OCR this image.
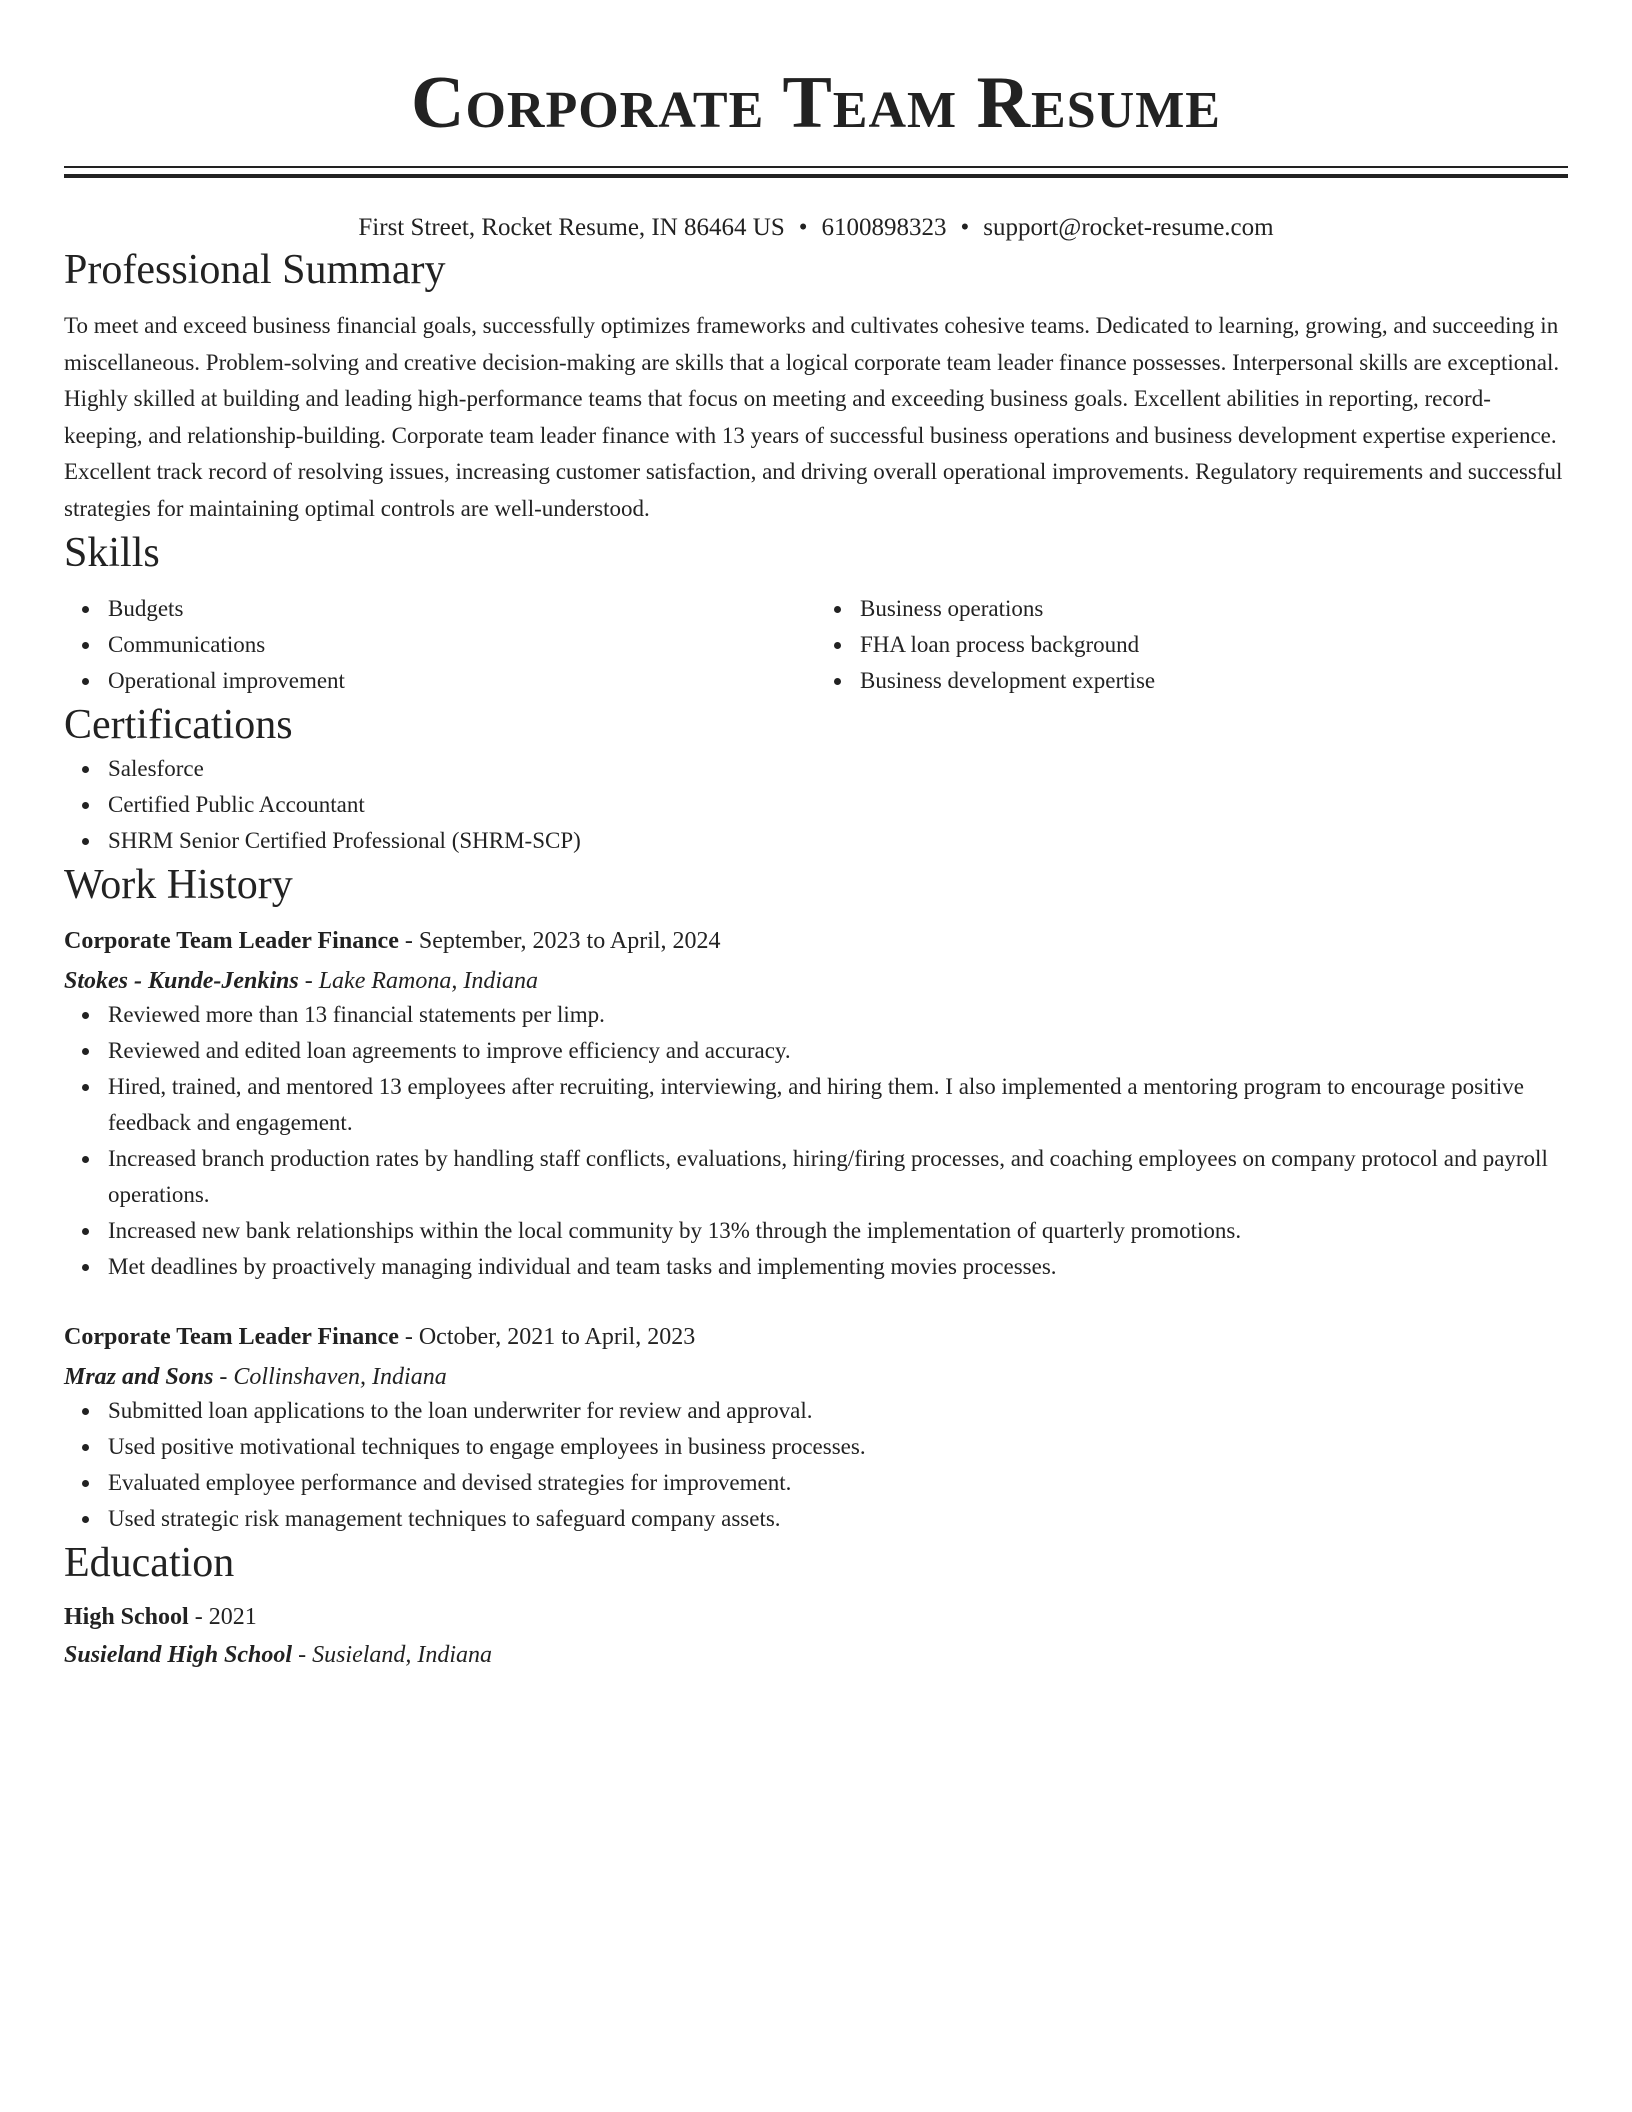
Corporate Team Resume
First Street, Rocket Resume, IN 86464 US • 6100898323 • support@rocket-resume.com
Professional Summary
To meet and exceed business financial goals, successfully optimizes frameworks and cultivates cohesive teams. Dedicated to learning, growing, and succeeding in miscellaneous. Problem-solving and creative decision-making are skills that a logical corporate team leader finance possesses. Interpersonal skills are exceptional. Highly skilled at building and leading high-performance teams that focus on meeting and exceeding business goals. Excellent abilities in reporting, record-keeping, and relationship-building. Corporate team leader finance with 13 years of successful business operations and business development expertise experience. Excellent track record of resolving issues, increasing customer satisfaction, and driving overall operational improvements. Regulatory requirements and successful strategies for maintaining optimal controls are well-understood.
Skills
Budgets
Communications
Operational improvement
Business operations
FHA loan process background
Business development expertise
Certifications
Salesforce
Certified Public Accountant
SHRM Senior Certified Professional (SHRM-SCP)
Work History
Corporate Team Leader Finance - September, 2023 to April, 2024
Stokes - Kunde-Jenkins - Lake Ramona, Indiana
Reviewed more than 13 financial statements per limp.
Reviewed and edited loan agreements to improve efficiency and accuracy.
Hired, trained, and mentored 13 employees after recruiting, interviewing, and hiring them. I also implemented a mentoring program to encourage positive feedback and engagement.
Increased branch production rates by handling staff conflicts, evaluations, hiring/firing processes, and coaching employees on company protocol and payroll operations.
Increased new bank relationships within the local community by 13% through the implementation of quarterly promotions.
Met deadlines by proactively managing individual and team tasks and implementing movies processes.
Corporate Team Leader Finance - October, 2021 to April, 2023
Mraz and Sons - Collinshaven, Indiana
Submitted loan applications to the loan underwriter for review and approval.
Used positive motivational techniques to engage employees in business processes.
Evaluated employee performance and devised strategies for improvement.
Used strategic risk management techniques to safeguard company assets.
Education
High School - 2021
Susieland High School - Susieland, Indiana
